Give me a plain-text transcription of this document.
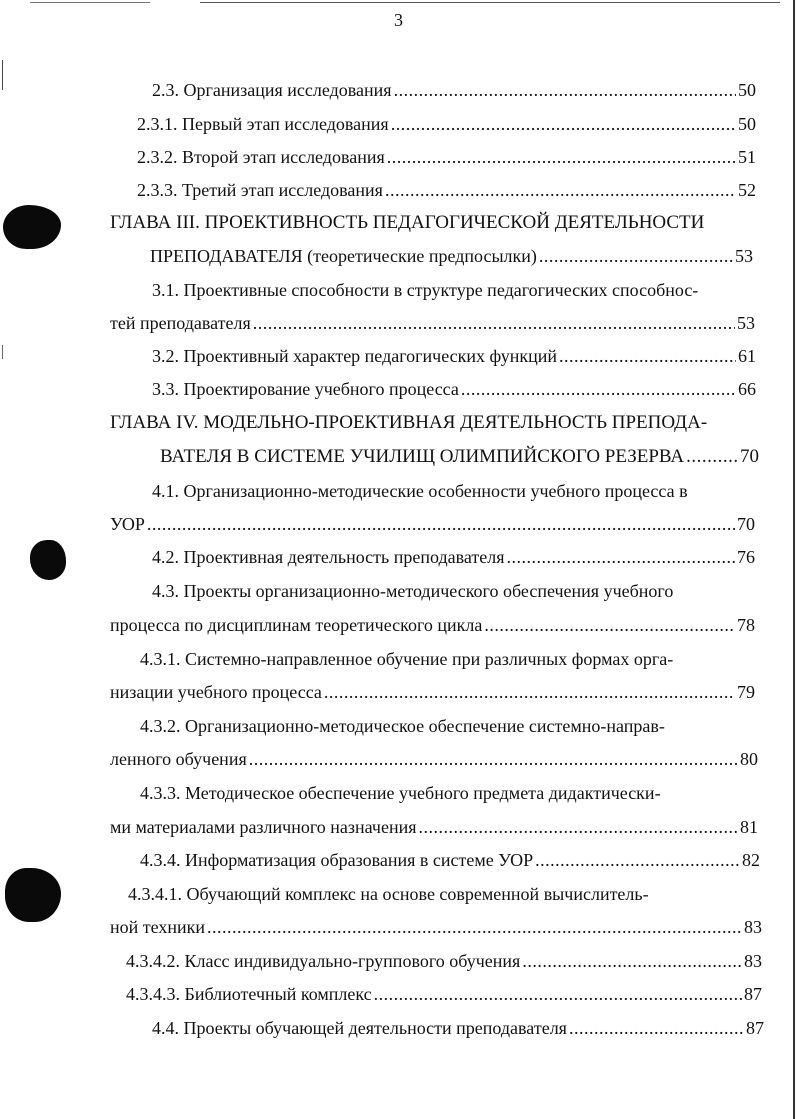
3
2.3. Организация исследования .....	50
2.3.1. Первый этап исследования .....	50
2.3.2. Второй этап исследования .....	51
2.3.3. Третий этап исследования .....	52
ГЛАВА III. ПРОЕКТИВНОСТЬ ПЕДАГОГИЧЕСКОЙ ДЕЯТЕЛЬНОСТИ
ПРЕПОДАВАТЕЛЯ (теоретические предпосылки) .....	53
3.1. Проективные способности в структуре педагогических способнос-
тей преподавателя .....	53
3.2. Проективный характер педагогических функций .....	61
3.3. Проектирование учебного процесса .....	66
ГЛАВА IV. МОДЕЛЬНО-ПРОЕКТИВНАЯ ДЕЯТЕЛЬНОСТЬ ПРЕПОДА-
ВАТЕЛЯ В СИСТЕМЕ УЧИЛИЩ ОЛИМПИЙСКОГО РЕЗЕРВА .....	70
4.1. Организационно-методические особенности учебного процесса в
УОР .....	70
4.2. Проективная деятельность преподавателя .....	76
4.3. Проекты организационно-методического обеспечения учебного
процесса по дисциплинам теоретического цикла .....	78
4.3.1. Системно-направленное обучение при различных формах орга-
низации учебного процесса .....	79
4.3.2. Организационно-методическое обеспечение системно-направ-
ленного обучения .....	80
4.3.3. Методическое обеспечение учебного предмета дидактически-
ми материалами различного назначения .....	81
4.3.4. Информатизация образования в системе УОР .....	82
4.3.4.1. Обучающий комплекс на основе современной вычислитель-
ной техники .....	83
4.3.4.2. Класс индивидуально-группового обучения .....	83
4.3.4.3. Библиотечный комплекс .....	87
4.4. Проекты обучающей деятельности преподавателя .....	87
